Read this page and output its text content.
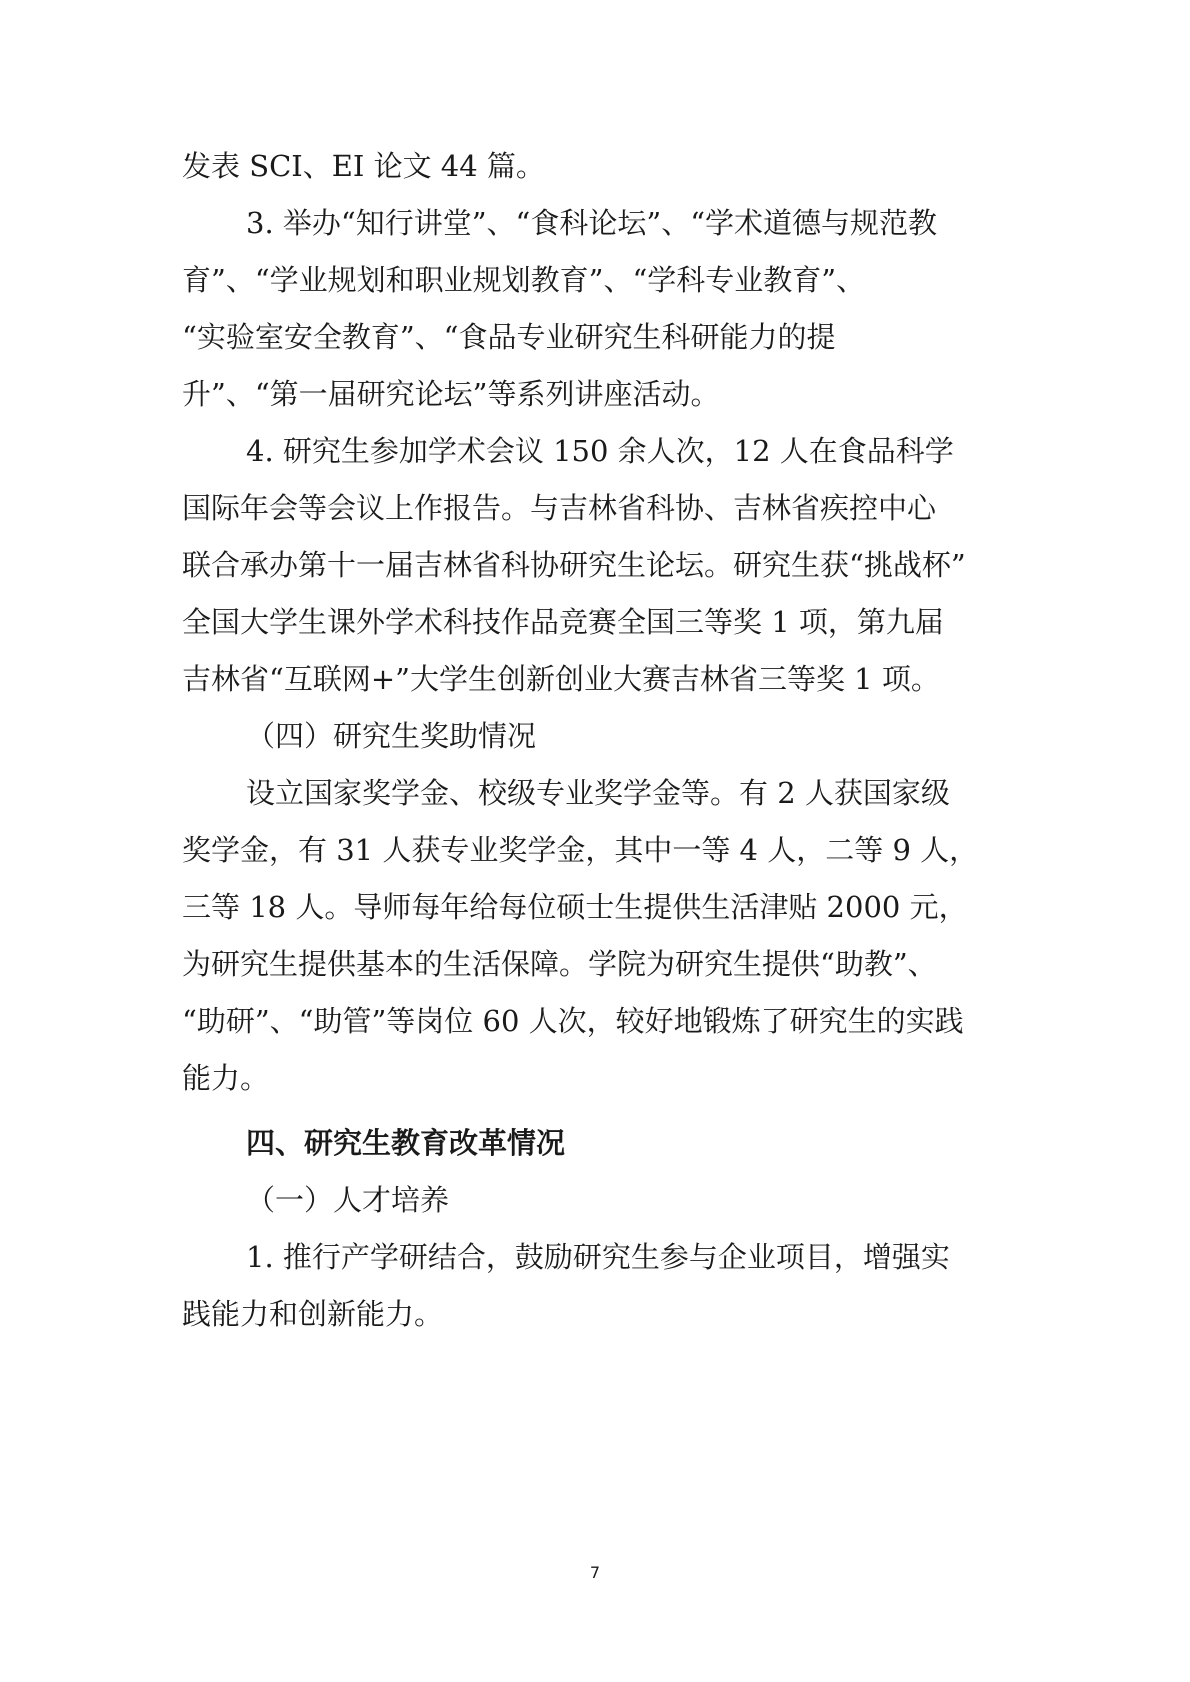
发表 SCI、EI 论文 44 篇。
3. 举办“知行讲堂”、“食科论坛”、“学术道德与规范教
育”、“学业规划和职业规划教育”、“学科专业教育”、
“实验室安全教育”、“食品专业研究生科研能力的提
升”、“第一届研究论坛”等系列讲座活动。
4. 研究生参加学术会议 150 余人次，12 人在食品科学
国际年会等会议上作报告。与吉林省科协、吉林省疾控中心
联合承办第十一届吉林省科协研究生论坛。研究生获“挑战杯”
全国大学生课外学术科技作品竞赛全国三等奖 1 项，第九届
吉林省“互联网+”大学生创新创业大赛吉林省三等奖 1 项。
（四）研究生奖助情况
设立国家奖学金、校级专业奖学金等。有 2 人获国家级
奖学金，有 31 人获专业奖学金，其中一等 4 人，二等 9 人，
三等 18 人。导师每年给每位硕士生提供生活津贴 2000 元，
为研究生提供基本的生活保障。学院为研究生提供“助教”、
“助研”、“助管”等岗位 60 人次，较好地锻炼了研究生的实践
能力。
四、研究生教育改革情况
（一）人才培养
1. 推行产学研结合，鼓励研究生参与企业项目，增强实
践能力和创新能力。
7
